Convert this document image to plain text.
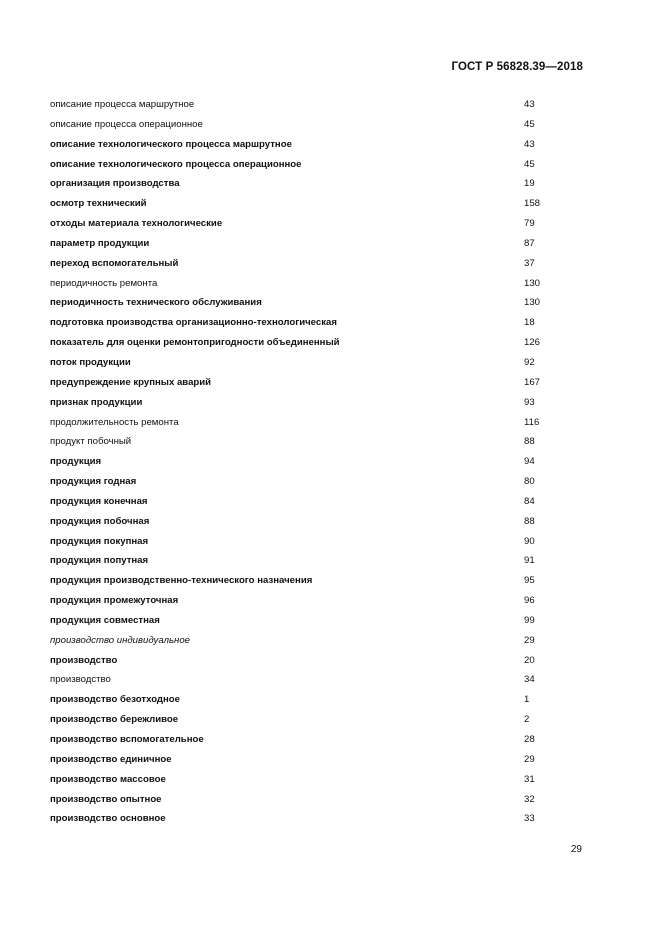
ГОСТ Р 56828.39—2018
описание процесса маршрутное	43
описание процесса операционное	45
описание технологического процесса маршрутное	43
описание технологического процесса операционное	45
организация производства	19
осмотр технический	158
отходы материала технологические	79
параметр продукции	87
переход вспомогательный	37
периодичность ремонта	130
периодичность технического обслуживания	130
подготовка производства организационно-технологическая	18
показатель для оценки ремонтопригодности объединенный	126
поток продукции	92
предупреждение крупных аварий	167
признак продукции	93
продолжительность ремонта	116
продукт побочный	88
продукция	94
продукция годная	80
продукция конечная	84
продукция побочная	88
продукция покупная	90
продукция попутная	91
продукция производственно-технического назначения	95
продукция промежуточная	96
продукция совместная	99
производство индивидуальное	29
производство	20
производство	34
производство безотходное	1
производство бережливое	2
производство вспомогательное	28
производство единичное	29
производство массовое	31
производство опытное	32
производство основное	33
29
